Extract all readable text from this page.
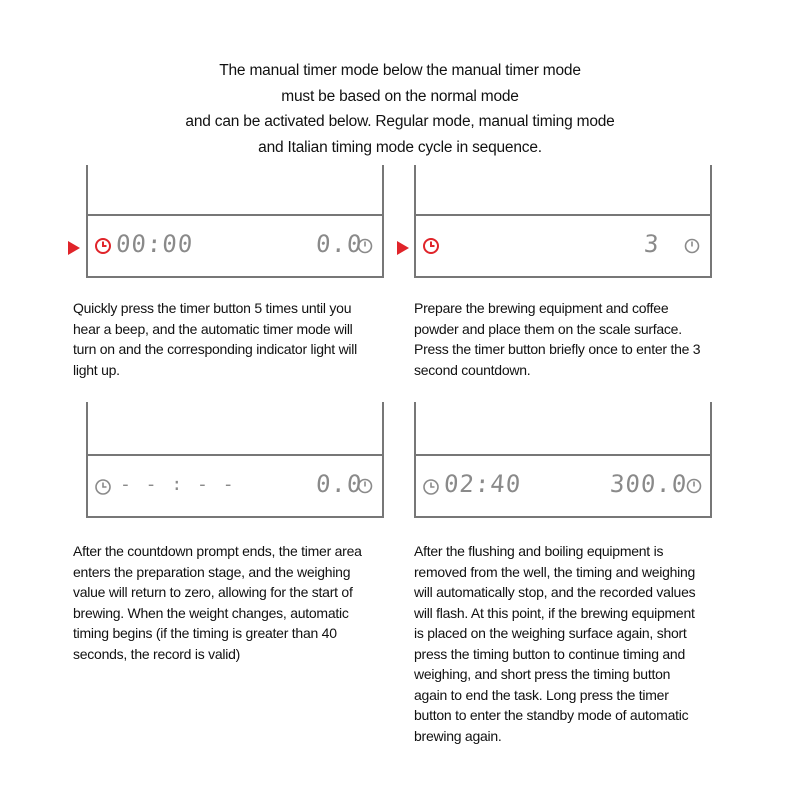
The manual timer mode below the manual timer mode
must be based on the normal mode
and can be activated below. Regular mode, manual timing mode
and Italian timing mode cycle in sequence.
00:00	0.0
Quickly press the timer button 5 times until you
hear a beep, and the automatic timer mode will
turn on and the corresponding indicator light will
light up.
3
Prepare the brewing equipment and coffee
powder and place them on the scale surface.
Press the timer button briefly once to enter the 3
second countdown.
- - : - -	0.0
After the countdown prompt ends, the timer area
enters the preparation stage, and the weighing
value will return to zero, allowing for the start of
brewing. When the weight changes, automatic
timing begins (if the timing is greater than 40
seconds, the record is valid)
02:40	300.0
After the flushing and boiling equipment is
removed from the well, the timing and weighing
will automatically stop, and the recorded values
will flash. At this point, if the brewing equipment
is placed on the weighing surface again, short
press the timing button to continue timing and
weighing, and short press the timing button
again to end the task. Long press the timer
button to enter the standby mode of automatic
brewing again.
